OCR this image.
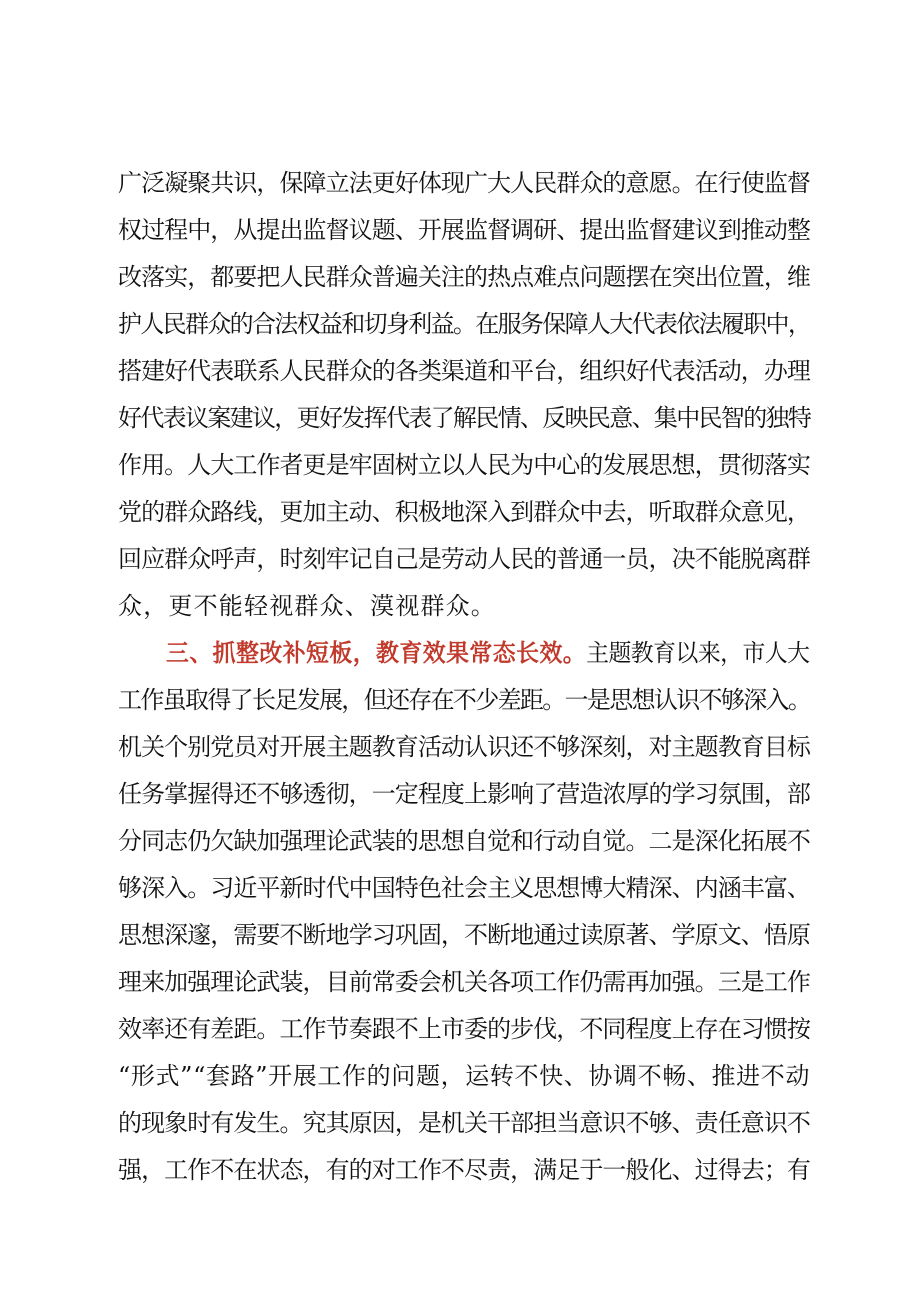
广泛凝聚共识，保障立法更好体现广大人民群众的意愿。在行使监督
权过程中，从提出监督议题、开展监督调研、提出监督建议到推动整
改落实，都要把人民群众普遍关注的热点难点问题摆在突出位置，维
护人民群众的合法权益和切身利益。在服务保障人大代表依法履职中，
搭建好代表联系人民群众的各类渠道和平台，组织好代表活动，办理
好代表议案建议，更好发挥代表了解民情、反映民意、集中民智的独特
作用。人大工作者更是牢固树立以人民为中心的发展思想，贯彻落实
党的群众路线，更加主动、积极地深入到群众中去，听取群众意见，
回应群众呼声，时刻牢记自己是劳动人民的普通一员，决不能脱离群
众，更不能轻视群众、漠视群众。
三、抓整改补短板，教育效果常态长效。主题教育以来，市人大
工作虽取得了长足发展，但还存在不少差距。一是思想认识不够深入。
机关个别党员对开展主题教育活动认识还不够深刻，对主题教育目标
任务掌握得还不够透彻，一定程度上影响了营造浓厚的学习氛围，部
分同志仍欠缺加强理论武装的思想自觉和行动自觉。二是深化拓展不
够深入。习近平新时代中国特色社会主义思想博大精深、内涵丰富、
思想深邃，需要不断地学习巩固，不断地通过读原著、学原文、悟原
理来加强理论武装，目前常委会机关各项工作仍需再加强。三是工作
效率还有差距。工作节奏跟不上市委的步伐，不同程度上存在习惯按
“形式”“套路”开展工作的问题，运转不快、协调不畅、推进不动
的现象时有发生。究其原因，是机关干部担当意识不够、责任意识不
强，工作不在状态，有的对工作不尽责，满足于一般化、过得去；有
